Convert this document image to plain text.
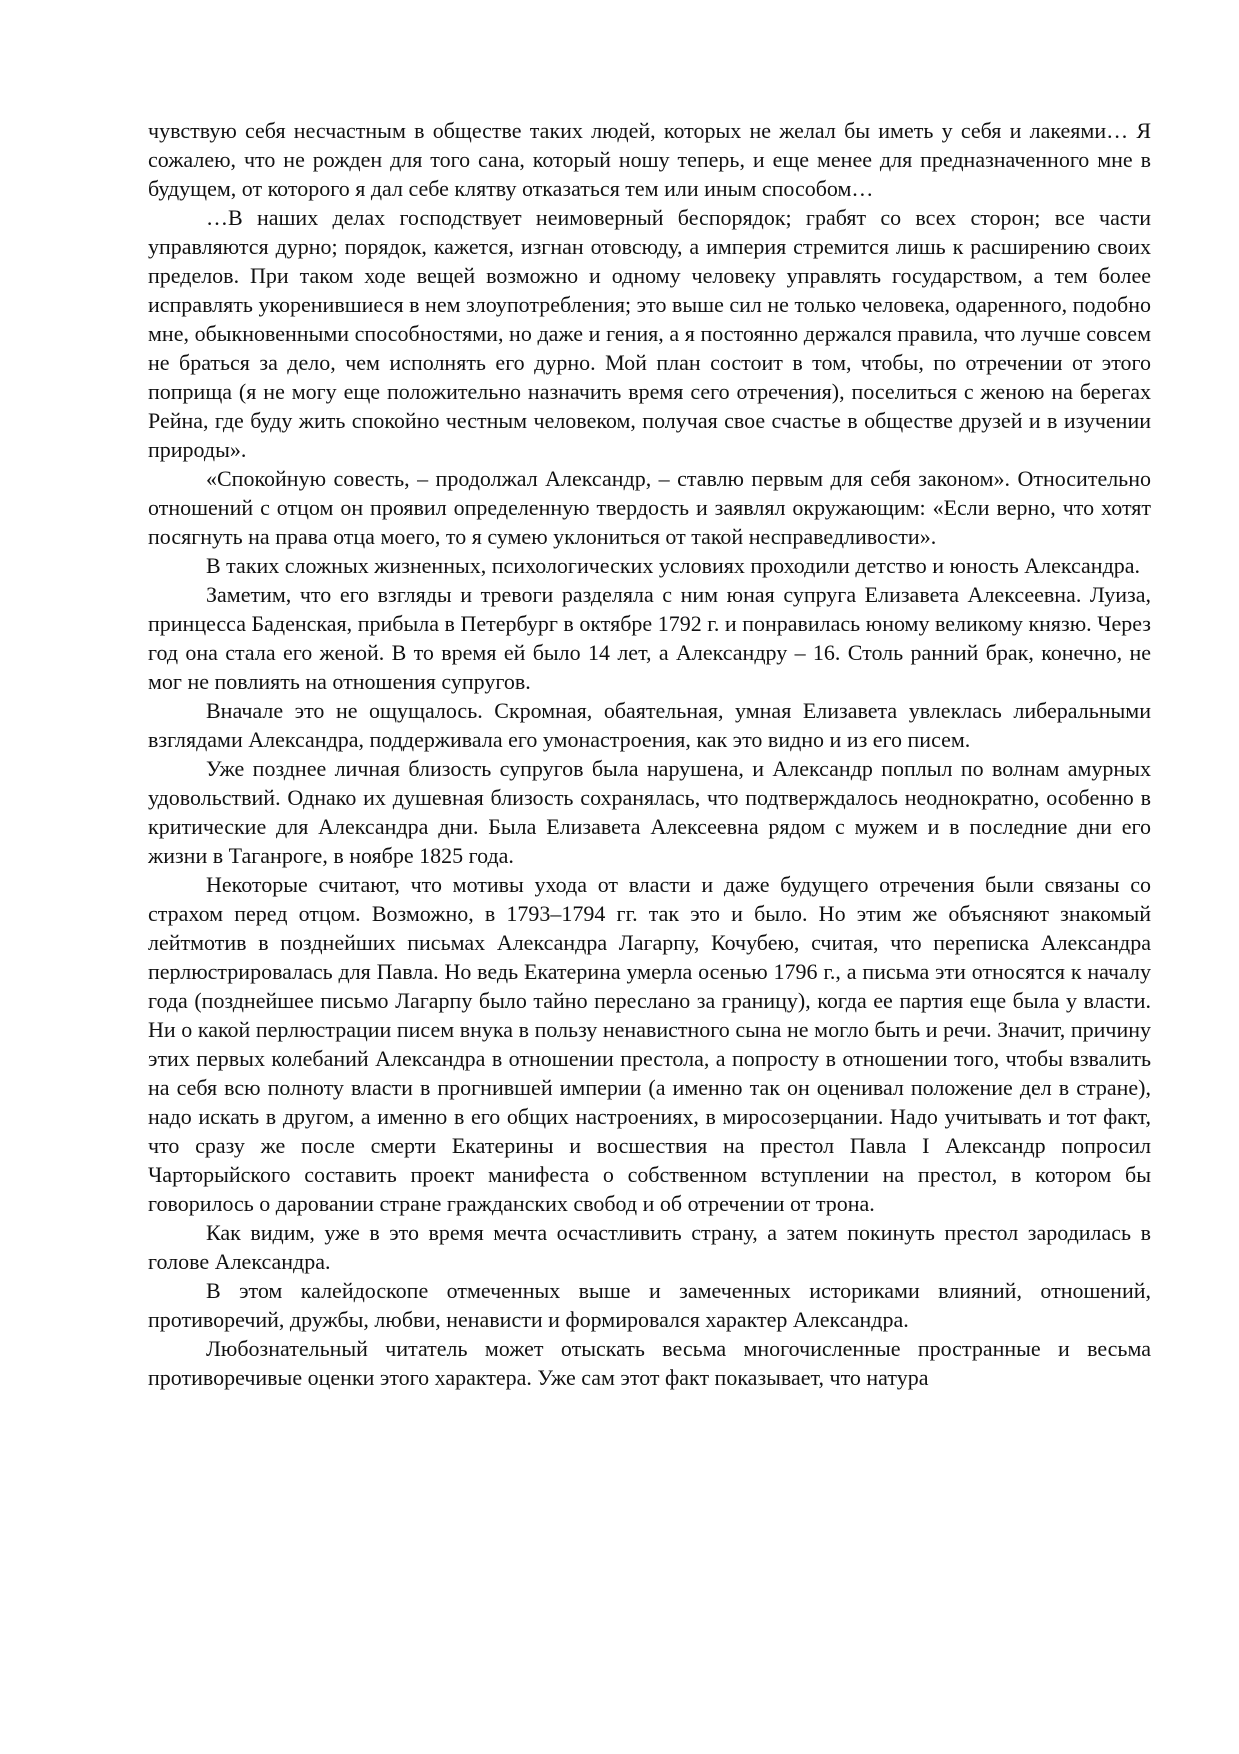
чувствую себя несчастным в обществе таких людей, которых не желал бы иметь у себя и лакеями… Я сожалею, что не рожден для того сана, который ношу теперь, и еще менее для предназначенного мне в будущем, от которого я дал себе клятву отказаться тем или иным способом…

…В наших делах господствует неимоверный беспорядок; грабят со всех сторон; все части управляются дурно; порядок, кажется, изгнан отовсюду, а империя стремится лишь к расширению своих пределов. При таком ходе вещей возможно и одному человеку управлять государством, а тем более исправлять укоренившиеся в нем злоупотребления; это выше сил не только человека, одаренного, подобно мне, обыкновенными способностями, но даже и гения, а я постоянно держался правила, что лучше совсем не браться за дело, чем исполнять его дурно. Мой план состоит в том, чтобы, по отречении от этого поприща (я не могу еще положительно назначить время сего отречения), поселиться с женою на берегах Рейна, где буду жить спокойно честным человеком, получая свое счастье в обществе друзей и в изучении природы».

«Спокойную совесть, – продолжал Александр, – ставлю первым для себя законом». Относительно отношений с отцом он проявил определенную твердость и заявлял окружающим: «Если верно, что хотят посягнуть на права отца моего, то я сумею уклониться от такой несправедливости».

В таких сложных жизненных, психологических условиях проходили детство и юность Александра.

Заметим, что его взгляды и тревоги разделяла с ним юная супруга Елизавета Алексеевна. Луиза, принцесса Баденская, прибыла в Петербург в октябре 1792 г. и понравилась юному великому князю. Через год она стала его женой. В то время ей было 14 лет, а Александру – 16. Столь ранний брак, конечно, не мог не повлиять на отношения супругов.

Вначале это не ощущалось. Скромная, обаятельная, умная Елизавета увлеклась либеральными взглядами Александра, поддерживала его умонастроения, как это видно и из его писем.

Уже позднее личная близость супругов была нарушена, и Александр поплыл по волнам амурных удовольствий. Однако их душевная близость сохранялась, что подтверждалось неоднократно, особенно в критические для Александра дни. Была Елизавета Алексеевна рядом с мужем и в последние дни его жизни в Таганроге, в ноябре 1825 года.

Некоторые считают, что мотивы ухода от власти и даже будущего отречения были связаны со страхом перед отцом. Возможно, в 1793–1794 гг. так это и было. Но этим же объясняют знакомый лейтмотив в позднейших письмах Александра Лагарпу, Кочубею, считая, что переписка Александра перлюстрировалась для Павла. Но ведь Екатерина умерла осенью 1796 г., а письма эти относятся к началу года (позднейшее письмо Лагарпу было тайно переслано за границу), когда ее партия еще была у власти. Ни о какой перлюстрации писем внука в пользу ненавистного сына не могло быть и речи. Значит, причину этих первых колебаний Александра в отношении престола, а попросту в отношении того, чтобы взвалить на себя всю полноту власти в прогнившей империи (а именно так он оценивал положение дел в стране), надо искать в другом, а именно в его общих настроениях, в миросозерцании. Надо учитывать и тот факт, что сразу же после смерти Екатерины и восшествия на престол Павла I Александр попросил Чарторыйского составить проект манифеста о собственном вступлении на престол, в котором бы говорилось о даровании стране гражданских свобод и об отречении от трона.

Как видим, уже в это время мечта осчастливить страну, а затем покинуть престол зародилась в голове Александра.

В этом калейдоскопе отмеченных выше и замеченных историками влияний, отношений, противоречий, дружбы, любви, ненависти и формировался характер Александра.

Любознательный читатель может отыскать весьма многочисленные пространные и весьма противоречивые оценки этого характера. Уже сам этот факт показывает, что натура
